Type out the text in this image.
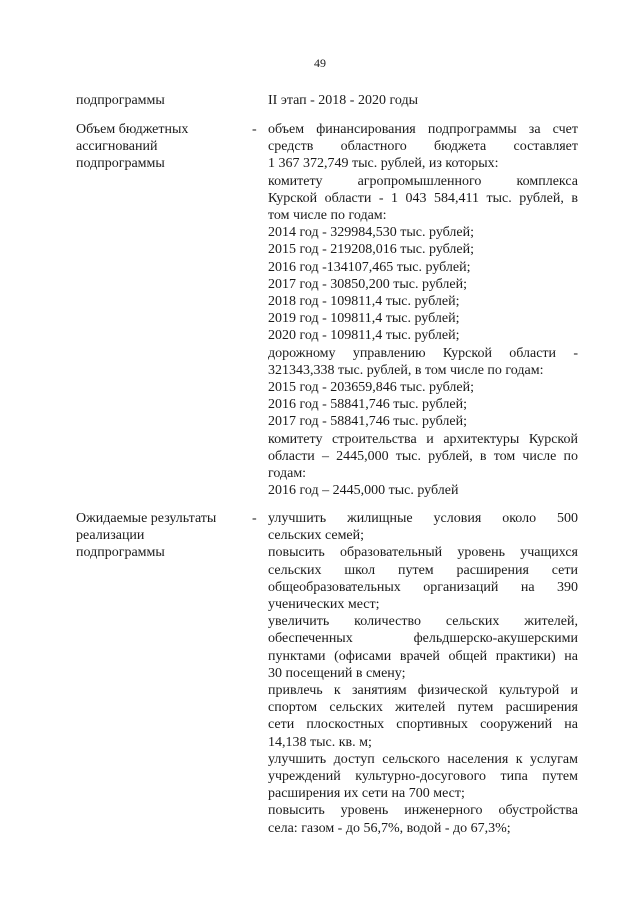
49
подпрограммы	II этап - 2018 - 2020 годы
Объем бюджетных
ассигнований
подпрограммы
- объем финансирования подпрограммы за счет
средств областного бюджета составляет
1 367 372,749 тыс. рублей, из которых:
комитету агропромышленного комплекса
Курской области - 1 043 584,411 тыс. рублей, в
том числе по годам:
2014 год - 329984,530 тыс. рублей;
2015 год - 219208,016 тыс. рублей;
2016 год -134107,465 тыс. рублей;
2017 год - 30850,200 тыс. рублей;
2018 год - 109811,4 тыс. рублей;
2019 год - 109811,4 тыс. рублей;
2020 год - 109811,4 тыс. рублей;
дорожному управлению Курской области -
321343,338 тыс. рублей, в том числе по годам:
2015 год - 203659,846 тыс. рублей;
2016 год - 58841,746 тыс. рублей;
2017 год - 58841,746 тыс. рублей;
комитету строительства и архитектуры Курской
области – 2445,000 тыс. рублей, в том числе по
годам:
2016 год – 2445,000 тыс. рублей
Ожидаемые результаты
реализации
подпрограммы
- улучшить жилищные условия около 500
сельских семей;
повысить образовательный уровень учащихся
сельских школ путем расширения сети
общеобразовательных организаций на 390
ученических мест;
увеличить количество сельских жителей,
обеспеченных фельдшерско-акушерскими
пунктами (офисами врачей общей практики) на
30 посещений в смену;
привлечь к занятиям физической культурой и
спортом сельских жителей путем расширения
сети плоскостных спортивных сооружений на
14,138 тыс. кв. м;
улучшить доступ сельского населения к услугам
учреждений культурно-досугового типа путем
расширения их сети на 700 мест;
повысить уровень инженерного обустройства
села: газом - до 56,7%, водой - до 67,3%;
